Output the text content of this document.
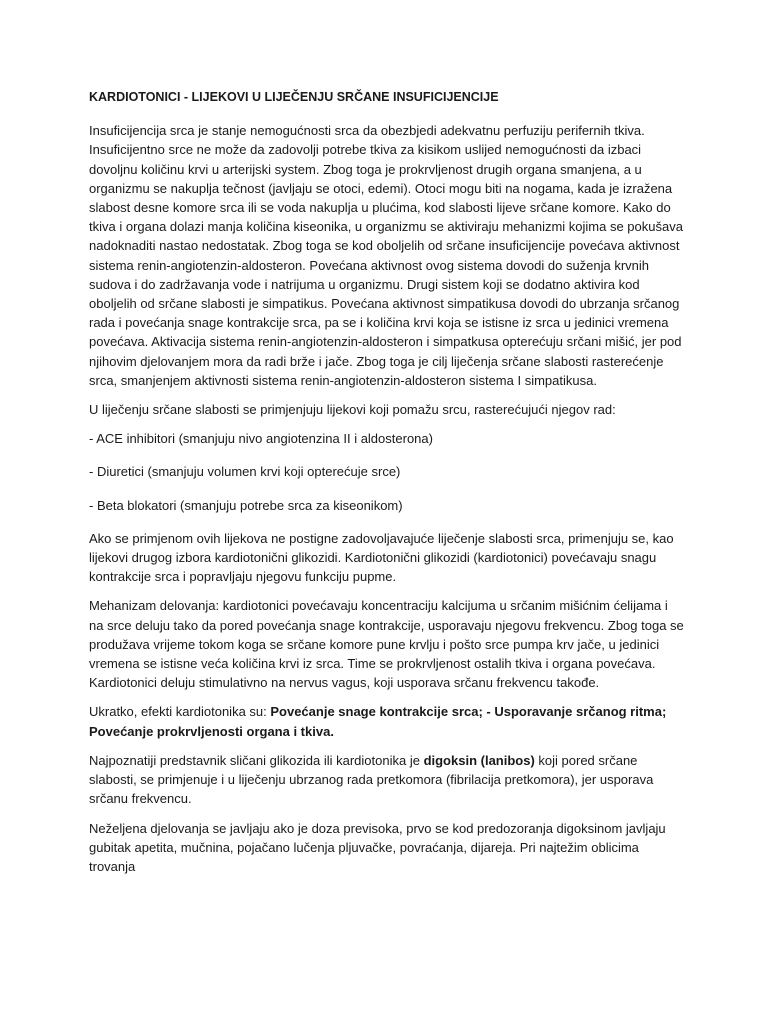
KARDIOTONICI - LIJEKOVI U LIJEČENJU SRČANE INSUFICIJENCIJE

Insuficijencija srca je stanje nemogućnosti srca da obezbjedi adekvatnu perfuziju perifernih tkiva. Insuficijentno srce ne može da zadovolji potrebe tkiva za kisikom uslijed nemogućnosti da izbaci dovoljnu količinu krvi u arterijski system. Zbog toga je prokrvljenost drugih organa smanjena, a u organizmu se nakuplja tečnost (javljaju se otoci, edemi). Otoci mogu biti na nogama, kada je izražena slabost desne komore srca ili se voda nakuplja u plućima, kod slabosti lijeve srčane komore. Kako do tkiva i organa dolazi manja količina kiseonika, u organizmu se aktiviraju mehanizmi kojima se pokušava nadoknaditi nastao nedostatak. Zbog toga se kod oboljelih od srčane insuficijencije povećava aktivnost sistema renin-angiotenzin-aldosteron. Povećana aktivnost ovog sistema dovodi do suženja krvnih sudova i do zadržavanja vode i natrijuma u organizmu. Drugi sistem koji se dodatno aktivira kod oboljelih od srčane slabosti je simpatikus. Povećana aktivnost simpatikusa dovodi do ubrzanja srčanog rada i povećanja snage kontrakcije srca, pa se i količina krvi koja se istisne iz srca u jedinici vremena povećava. Aktivacija sistema renin-angiotenzin-aldosteron i simpatkusa opterećuju srčani mišić, jer pod njihovim djelovanjem mora da radi brže i jače. Zbog toga je cilj liječenja srčane slabosti rasterećenje srca, smanjenjem aktivnosti sistema renin-angiotenzin-aldosteron sistema I simpatikusa.

U liječenju srčane slabosti se primjenjuju lijekovi koji pomažu srcu, rasterećujući njegov rad:

- ACE inhibitori (smanjuju nivo angiotenzina II i aldosterona)
- Diuretici (smanjuju volumen krvi koji opterećuje srce)
- Beta blokatori (smanjuju potrebe srca za kiseonikom)

Ako se primjenom ovih lijekova ne postigne zadovoljavajuće liječenje slabosti srca, primenjuju se, kao lijekovi drugog izbora kardiotonični glikozidi. Kardiotonični glikozidi (kardiotonici) povećavaju snagu kontrakcije srca i popravljaju njegovu funkciju pupme.

Mehanizam delovanja: kardiotonici povećavaju koncentraciju kalcijuma u srčanim mišićnim ćelijama i na srce deluju tako da pored povećanja snage kontrakcije, usporavaju njegovu frekvencu. Zbog toga se produžava vrijeme tokom koga se srčane komore pune krvlju i pošto srce pumpa krv jače, u jedinici vremena se istisne veća količina krvi iz srca. Time se prokrvljenost ostalih tkiva i organa povećava. Kardiotonici deluju stimulativno na nervus vagus, koji usporava srčanu frekvencu takođe.

Ukratko, efekti kardiotonika su: Povećanje snage kontrakcije srca; - Usporavanje srčanog ritma; Povećanje prokrvljenosti organa i tkiva.

Najpoznatiji predstavnik sličani glikozida ili kardiotonika je digoksin (lanibos) koji pored srčane slabosti, se primjenuje i u liječenju ubrzanog rada pretkomora (fibrilacija pretkomora), jer usporava srčanu frekvencu.

Neželjena djelovanja se javljaju ako je doza previsoka, prvo se kod predozoranja digoksinom javljaju gubitak apetita, mučnina, pojačano lučenja pljuvačke, povraćanja, dijareja. Pri najtežim oblicima trovanja
